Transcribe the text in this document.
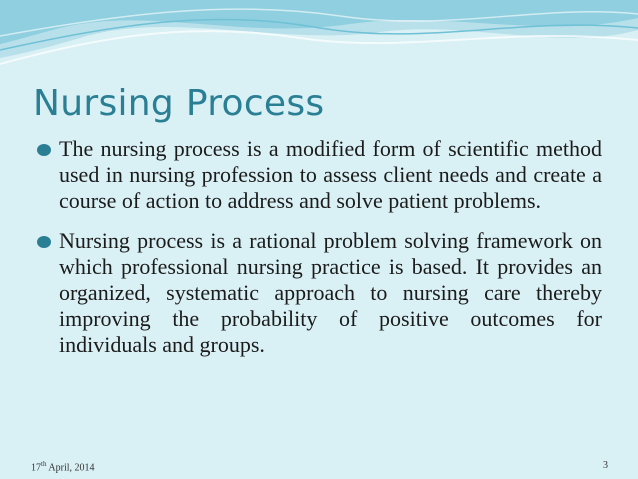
Nursing Process
The nursing process is a modified form of scientific method used in nursing profession to assess client needs and create a course of action to address and solve patient problems.
Nursing process is a rational problem solving framework on which professional nursing practice is based. It provides an organized, systematic approach to nursing care thereby improving the probability of positive outcomes for individuals and groups.

17th April, 2014	3
